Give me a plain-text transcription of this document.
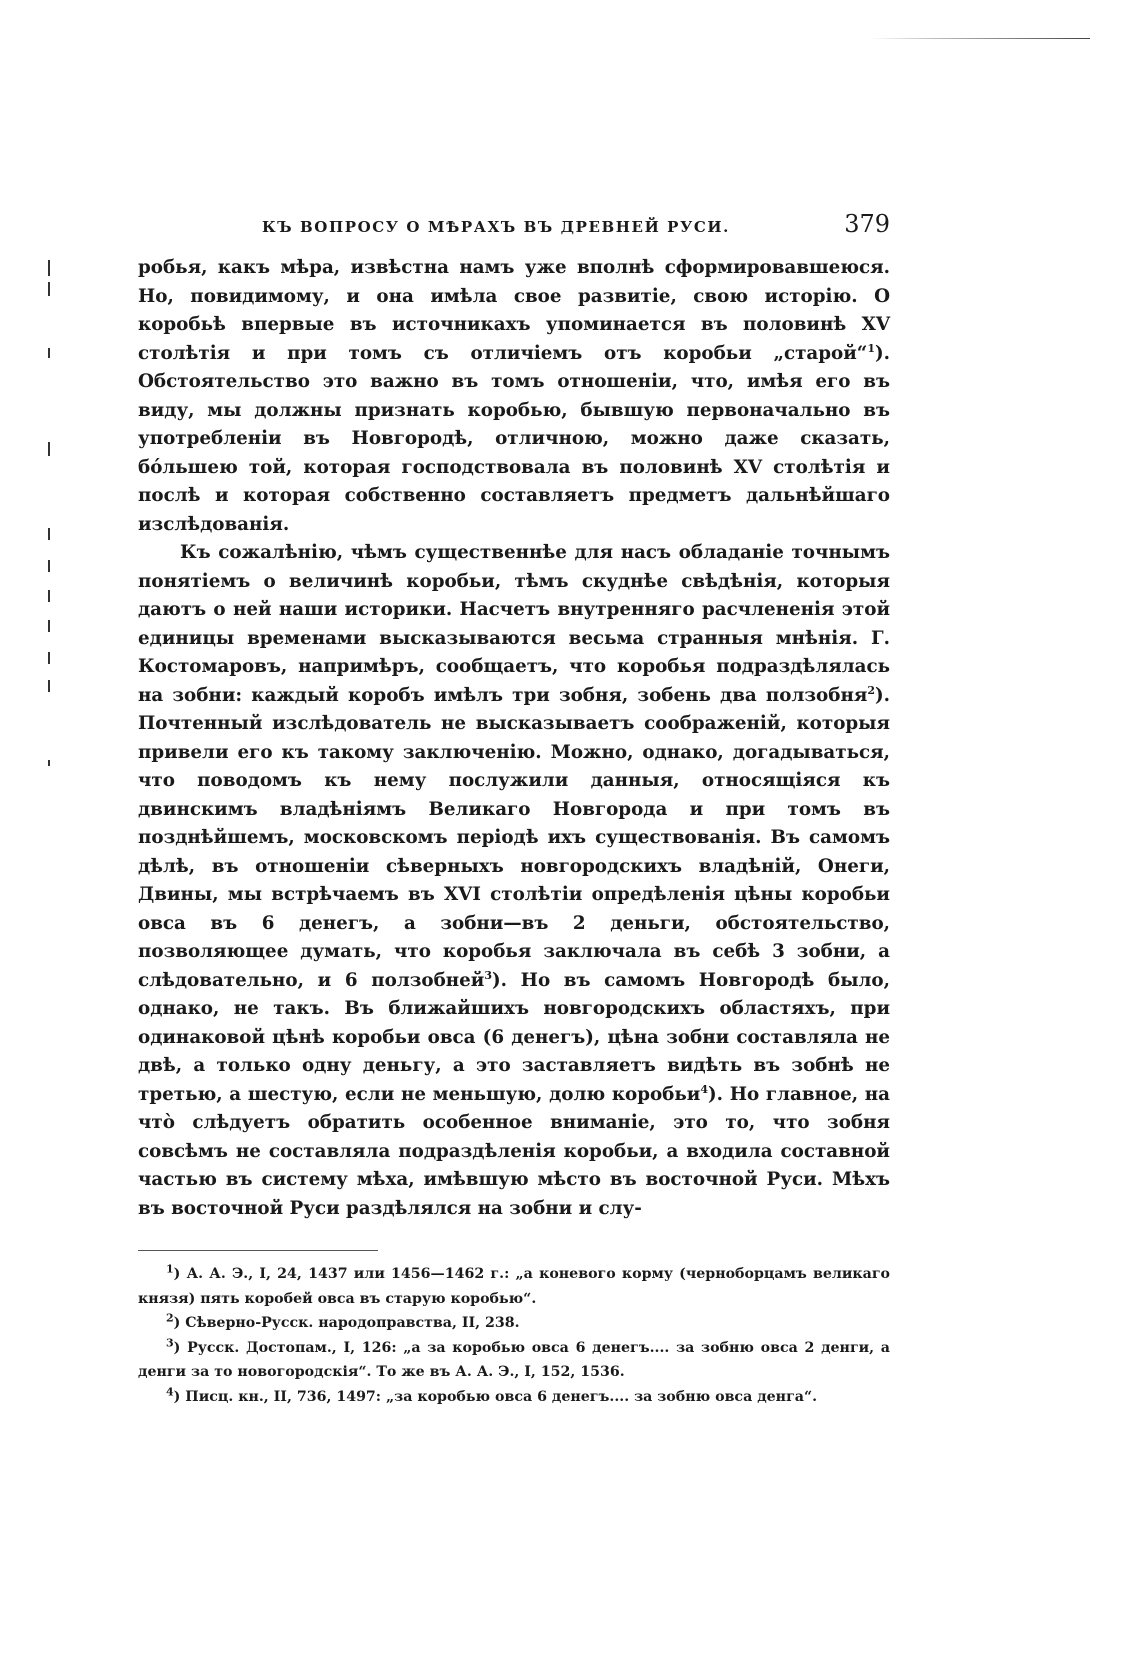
КЪ ВОПРОСУ О МѢРАХЪ ВЪ ДРЕВНЕЙ РУСИ.	379

робья, какъ мѣра, извѣстна намъ уже вполнѣ сформировавшеюся. Но, повидимому, и она имѣла свое развитіе, свою исторію. О коробьѣ впервые въ источникахъ упоминается въ половинѣ XV столѣтія и при томъ съ отличіемъ отъ коробьи „старой“$^1$). Обстоятельство это важно въ томъ отношеніи, что, имѣя его въ виду, мы должны признать коробью, бывшую первоначально въ употребленіи въ Новгородѣ, отличною, можно даже сказать, бо́льшею той, которая господствовала въ половинѣ XV столѣтія и послѣ и которая собственно составляетъ предметъ дальнѣйшаго изслѣдованія.

Къ сожалѣнію, чѣмъ существеннѣе для насъ обладаніе точнымъ понятіемъ о величинѣ коробьи, тѣмъ скуднѣе свѣдѣнія, которыя даютъ о ней наши историки. Насчетъ внутренняго расчлененія этой единицы временами высказываются весьма странныя мнѣнія. Г. Костомаровъ, напримѣръ, сообщаетъ, что коробья подраздѣлялась на зобни: каждый коробъ имѣлъ три зобня, зобень два ползобня$^2$). Почтенный изслѣдователь не высказываетъ соображеній, которыя привели его къ такому заключенію. Можно, однако, догадываться, что поводомъ къ нему послужили данныя, относящіяся къ двинскимъ владѣніямъ Великаго Новгорода и при томъ въ позднѣйшемъ, московскомъ періодѣ ихъ существованія. Въ самомъ дѣлѣ, въ отношеніи сѣверныхъ новгородскихъ владѣній, Онеги, Двины, мы встрѣчаемъ въ XVI столѣтіи опредѣленія цѣны коробьи овса въ 6 денегъ, а зобни—въ 2 деньги, обстоятельство, позволяющее думать, что коробья заключала въ себѣ 3 зобни, а слѣдовательно, и 6 ползобней$^3$). Но въ самомъ Новгородѣ было, однако, не такъ. Въ ближайшихъ новгородскихъ областяхъ, при одинаковой цѣнѣ коробьи овса (6 денегъ), цѣна зобни составляла не двѣ, а только одну деньгу, а это заставляетъ видѣть въ зобнѣ не третью, а шестую, если не меньшую, долю коробьи$^4$). Но главное, на что̀ слѣдуетъ обратить особенное вниманіе, это то, что зобня совсѣмъ не составляла подраздѣленія коробьи, а входила составной частью въ систему мѣха, имѣвшую мѣсто въ восточной Руси. Мѣхъ въ восточной Руси раздѣлялся на зобни и слу-

$^1$) А. А. Э., I, 24, 1437 или 1456—1462 г.: „а коневого корму (черноборцамъ великаго князя) пять коробей овса въ старую коробью“.

$^2$) Сѣверно-Русск. народоправства, II, 238.

$^3$) Русск. Достопам., I, 126: „а за коробью овса 6 денегъ.... за зобню овса 2 денги, а денги за то новогородскія“. То же въ А. А. Э., I, 152, 1536.

$^4$) Писц. кн., II, 736, 1497: „за коробью овса 6 денегъ.... за зобню овса денга“.
